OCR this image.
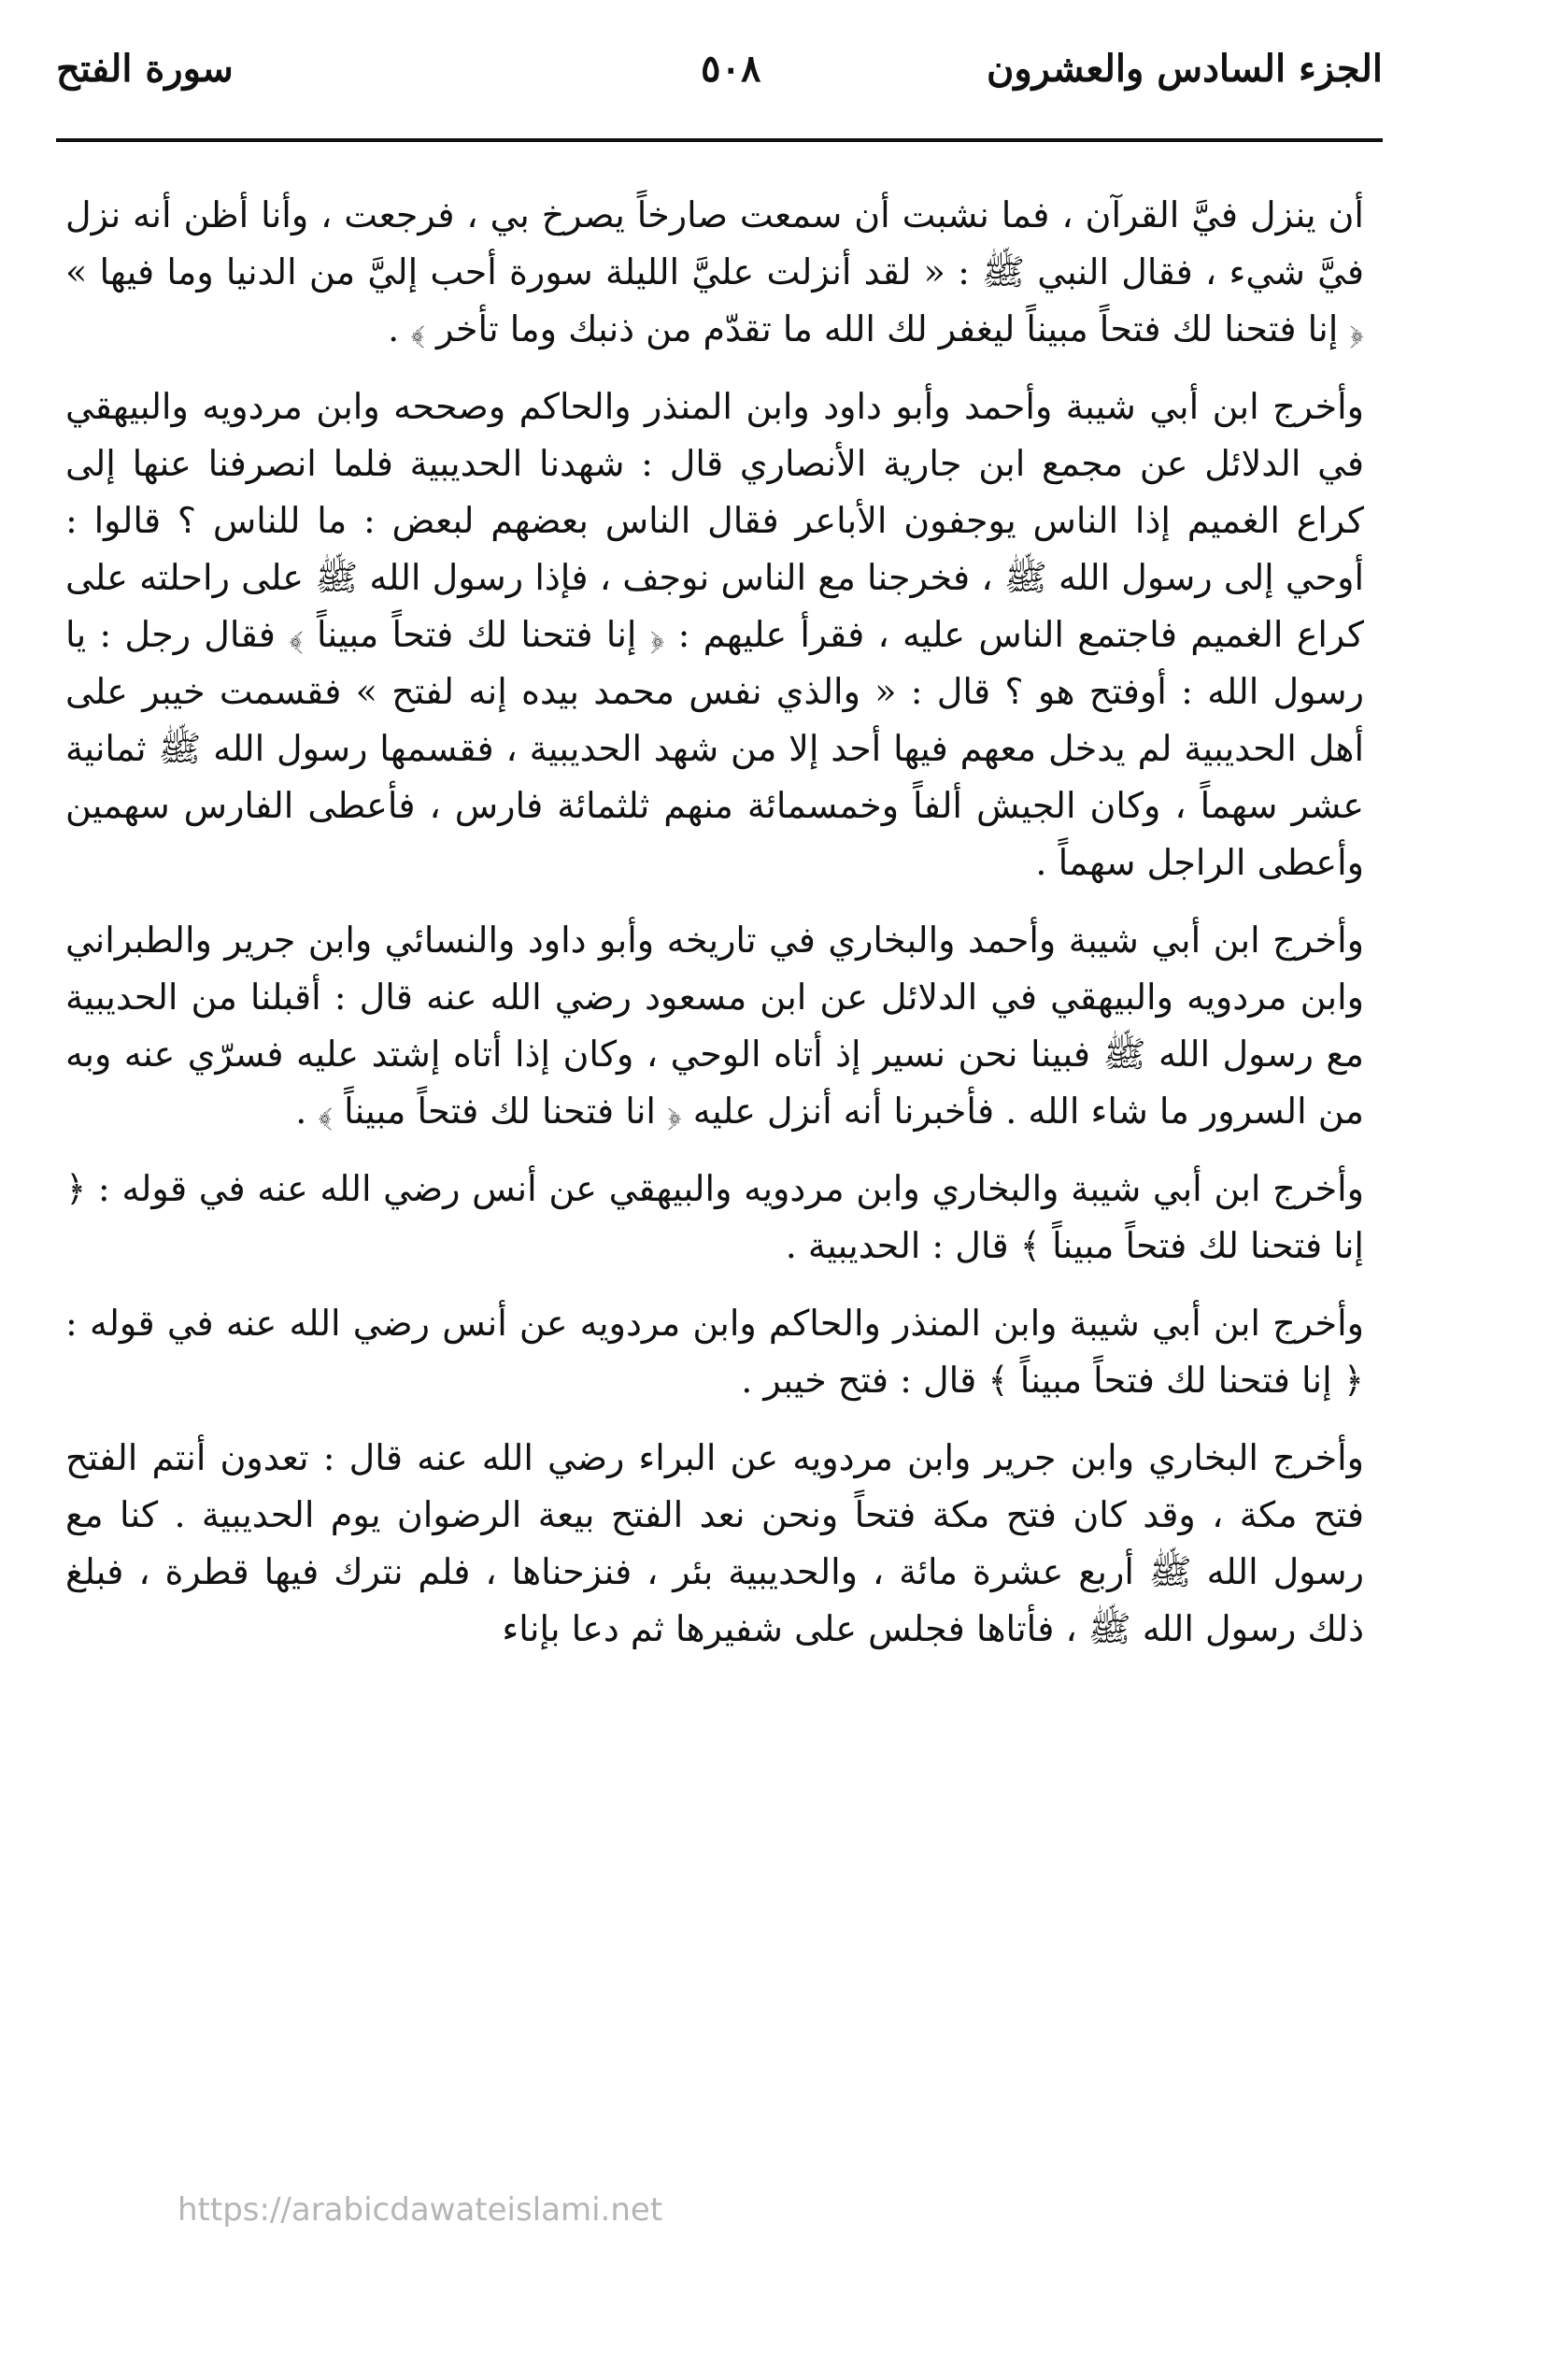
الجزء السادس والعشرون
٥٠٨
سورة الفتح

أن ينزل فيَّ القرآن ، فما نشبت أن سمعت صارخاً يصرخ بي ، فرجعت ، وأنا أظن أنه نزل فيَّ شيء ، فقال النبي ﷺ : « لقد أنزلت عليَّ الليلة سورة أحب إليَّ من الدنيا وما فيها » ﴿ إنا فتحنا لك فتحاً مبيناً ليغفر لك الله ما تقدّم من ذنبك وما تأخر ﴾ .

وأخرج ابن أبي شيبة وأحمد وأبو داود وابن المنذر والحاكم وصححه وابن مردويه والبيهقي في الدلائل عن مجمع ابن جارية الأنصاري قال : شهدنا الحديبية فلما انصرفنا عنها إلى كراع الغميم إذا الناس يوجفون الأباعر فقال الناس بعضهم لبعض : ما للناس ؟ قالوا : أوحي إلى رسول الله ﷺ ، فخرجنا مع الناس نوجف ، فإذا رسول الله ﷺ على راحلته على كراع الغميم فاجتمع الناس عليه ، فقرأ عليهم : ﴿ إنا فتحنا لك فتحاً مبيناً ﴾ فقال رجل : يا رسول الله : أوفتح هو ؟ قال : « والذي نفس محمد بيده إنه لفتح » فقسمت خيبر على أهل الحديبية لم يدخل معهم فيها أحد إلا من شهد الحديبية ، فقسمها رسول الله ﷺ ثمانية عشر سهماً ، وكان الجيش ألفاً وخمسمائة منهم ثلثمائة فارس ، فأعطى الفارس سهمين وأعطى الراجل سهماً .

وأخرج ابن أبي شيبة وأحمد والبخاري في تاريخه وأبو داود والنسائي وابن جرير والطبراني وابن مردويه والبيهقي في الدلائل عن ابن مسعود رضي الله عنه قال : أقبلنا من الحديبية مع رسول الله ﷺ فبينا نحن نسير إذ أتاه الوحي ، وكان إذا أتاه إشتد عليه فسرّي عنه وبه من السرور ما شاء الله . فأخبرنا أنه أنزل عليه ﴿ انا فتحنا لك فتحاً مبيناً ﴾ .

وأخرج ابن أبي شيبة والبخاري وابن مردويه والبيهقي عن أنس رضي الله عنه في قوله : ﴿ إنا فتحنا لك فتحاً مبيناً ﴾ قال : الحديبية .

وأخرج ابن أبي شيبة وابن المنذر والحاكم وابن مردويه عن أنس رضي الله عنه في قوله : ﴿ إنا فتحنا لك فتحاً مبيناً ﴾ قال : فتح خيبر .

وأخرج البخاري وابن جرير وابن مردويه عن البراء رضي الله عنه قال : تعدون أنتم الفتح فتح مكة ، وقد كان فتح مكة فتحاً ونحن نعد الفتح بيعة الرضوان يوم الحديبية . كنا مع رسول الله ﷺ أربع عشرة مائة ، والحديبية بئر ، فنزحناها ، فلم نترك فيها قطرة ، فبلغ ذلك رسول الله ﷺ ، فأتاها فجلس على شفيرها ثم دعا بإناء

https://arabicdawateislami.net
